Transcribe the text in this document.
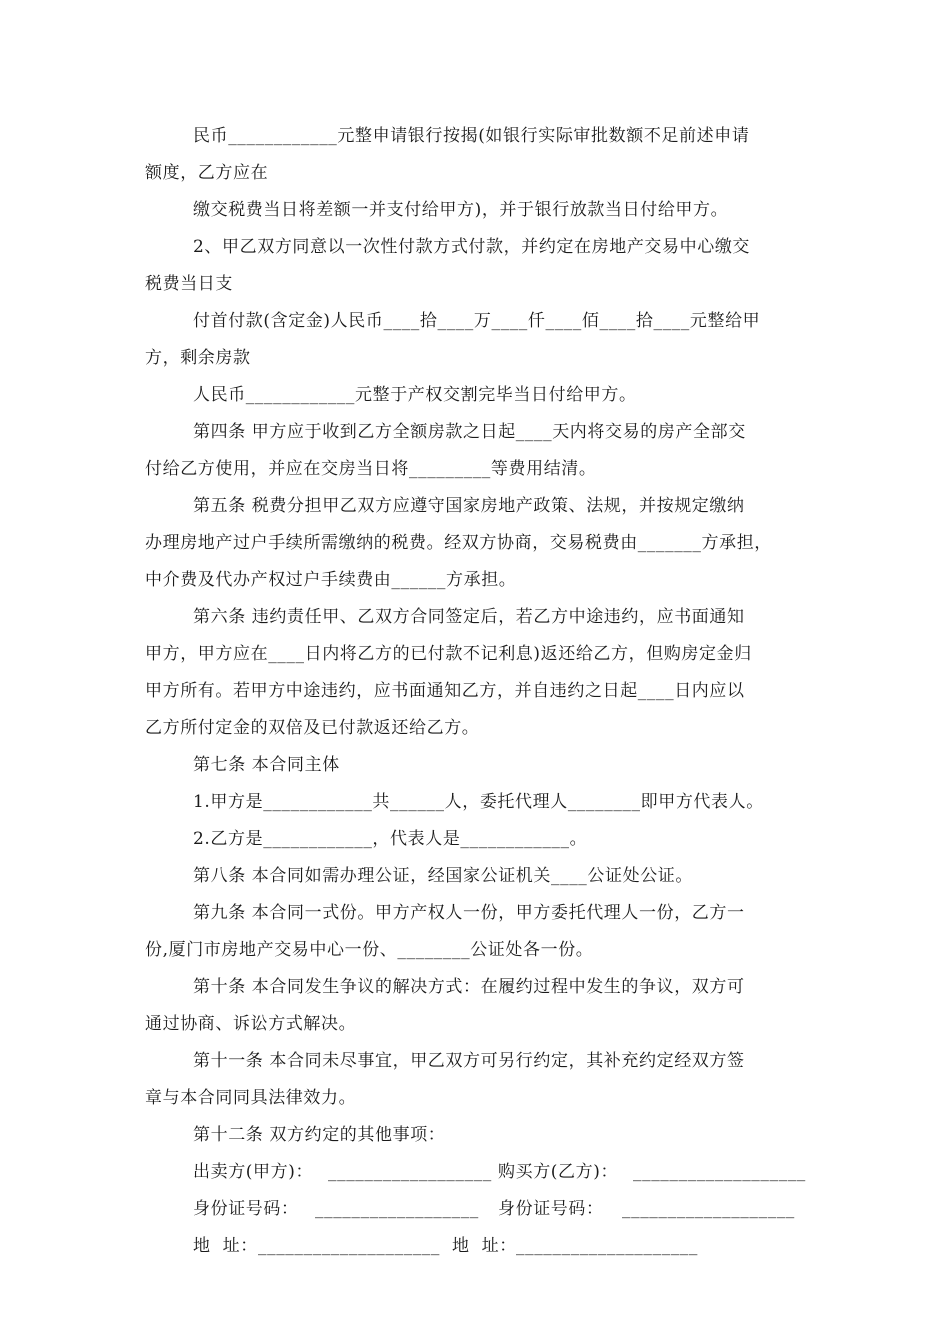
民币____________元整申请银行按揭(如银行实际审批数额不足前述申请
额度，乙方应在
缴交税费当日将差额一并支付给甲方)，并于银行放款当日付给甲方。
2、甲乙双方同意以一次性付款方式付款，并约定在房地产交易中心缴交
税费当日支
付首付款(含定金)人民币____拾____万____仟____佰____拾____元整给甲
方，剩余房款
人民币____________元整于产权交割完毕当日付给甲方。
第四条 甲方应于收到乙方全额房款之日起____天内将交易的房产全部交
付给乙方使用，并应在交房当日将_________等费用结清。
第五条 税费分担甲乙双方应遵守国家房地产政策、法规，并按规定缴纳
办理房地产过户手续所需缴纳的税费。经双方协商，交易税费由_______方承担，
中介费及代办产权过户手续费由______方承担。
第六条 违约责任甲、乙双方合同签定后，若乙方中途违约，应书面通知
甲方，甲方应在____日内将乙方的已付款不记利息)返还给乙方，但购房定金归
甲方所有。若甲方中途违约，应书面通知乙方，并自违约之日起____日内应以
乙方所付定金的双倍及已付款返还给乙方。
第七条 本合同主体
1.甲方是____________共______人，委托代理人________即甲方代表人。
2.乙方是____________，代表人是____________。
第八条 本合同如需办理公证，经国家公证机关____公证处公证。
第九条 本合同一式份。甲方产权人一份，甲方委托代理人一份，乙方一
份,厦门市房地产交易中心一份、________公证处各一份。
第十条 本合同发生争议的解决方式：在履约过程中发生的争议，双方可
通过协商、诉讼方式解决。
第十一条 本合同未尽事宜，甲乙双方可另行约定，其补充约定经双方签
章与本合同同具法律效力。
第十二条 双方约定的其他事项：
出卖方(甲方)： __________________ 购买方(乙方)： ___________________
身份证号码： __________________ 身份证号码： ___________________
地  址： ____________________ 地  址： ____________________
